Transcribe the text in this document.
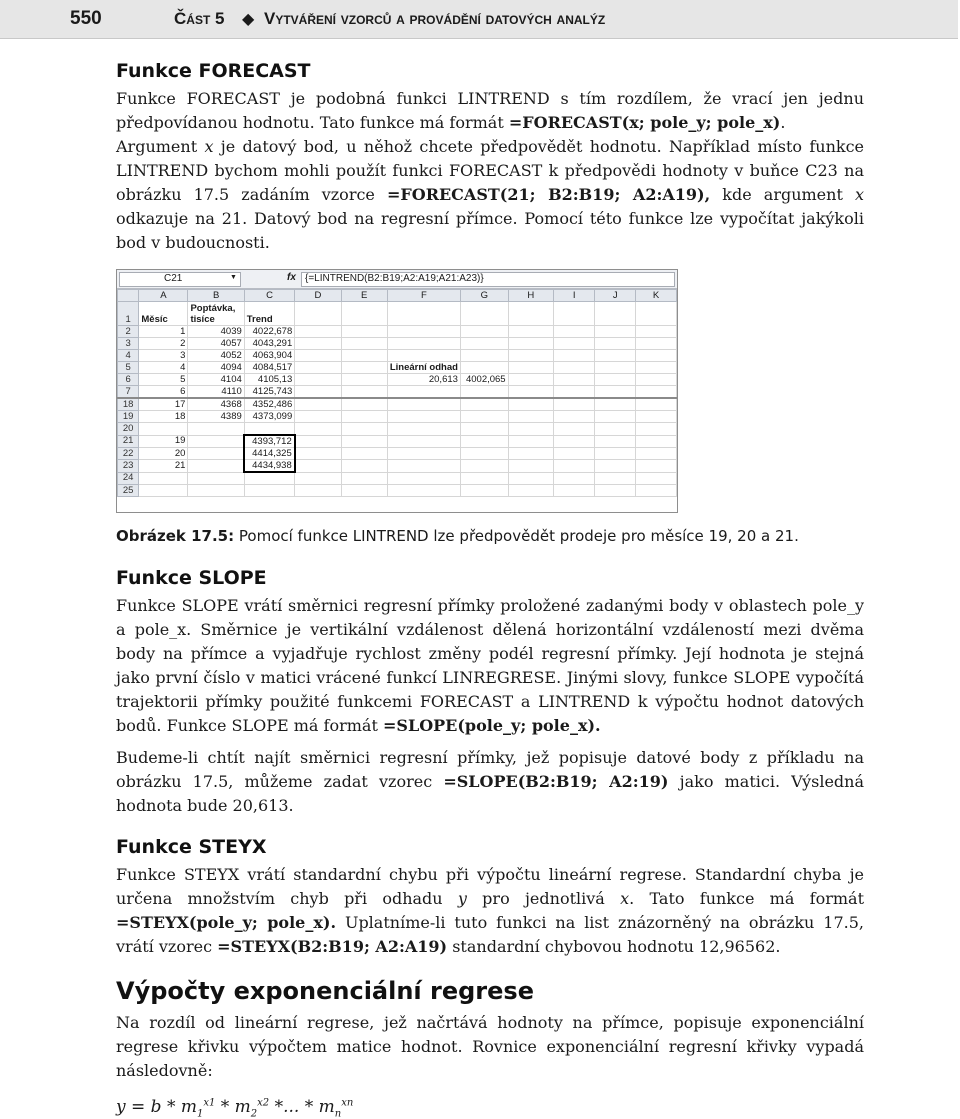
550	Část 5 ◆ Vytváření vzorců a provádění datových analýz
Funkce FORECAST

Funkce FORECAST je podobná funkci LINTREND s tím rozdílem, že vrací jen jednu předpovídanou hodnotu. Tato funkce má formát =FORECAST(x; pole_y; pole_x).

Argument x je datový bod, u něhož chcete předpovědět hodnotu. Například místo funkce LINTREND bychom mohli použít funkci FORECAST k předpovědi hodnoty v buňce C23 na obrázku 17.5 zadáním vzorce =FORECAST(21; B2:B19; A2:A19), kde argument x odkazuje na 21. Datový bod na regresní přímce. Pomocí této funkce lze vypočítat jakýkoli bod v budoucnosti.

C21	▼	fx {=LINTREND(B2:B19;A2:A19;A21:A23)}
	A	B	C	D	E	F	G	H	I	J	K
1	Měsíc	Poptávka, tisíce	Trend								
2	1	4039	4022,678								
3	2	4057	4043,291								
4	3	4052	4063,904								
5	4	4094	4084,517			Lineární odhad					
6	5	4104	4105,13			20,613	4002,065				
7	6	4110	4125,743								
18	17	4368	4352,486								
19	18	4389	4373,099								
20											
21	19		4393,712								
22	20		4414,325								
23	21		4434,938								
24											
25											
Obrázek 17.5: Pomocí funkce LINTREND lze předpovědět prodeje pro měsíce 19, 20 a 21.
Funkce SLOPE

Funkce SLOPE vrátí směrnici regresní přímky proložené zadanými body v oblastech pole_y a pole_x. Směrnice je vertikální vzdálenost dělená horizontální vzdáleností mezi dvěma body na přímce a vyjadřuje rychlost změny podél regresní přímky. Její hodnota je stejná jako první číslo v matici vrácené funkcí LINREGRESE. Jinými slovy, funkce SLOPE vypočítá trajektorii přímky použité funkcemi FORECAST a LINTREND k výpočtu hodnot datových bodů. Funkce SLOPE má formát =SLOPE(pole_y; pole_x).

Budeme-li chtít najít směrnici regresní přímky, jež popisuje datové body z příkladu na obrázku 17.5, můžeme zadat vzorec =SLOPE(B2:B19; A2:19) jako matici. Výsledná hodnota bude 20,613.

Funkce STEYX

Funkce STEYX vrátí standardní chybu při výpočtu lineární regrese. Standardní chyba je určena množstvím chyb při odhadu y pro jednotlivá x. Tato funkce má formát =STEYX(pole_y; pole_x). Uplatníme-li tuto funkci na list znázorněný na obrázku 17.5, vrátí vzorec =STEYX(B2:B19; A2:A19) standardní chybovou hodnotu 12,96562.

Výpočty exponenciální regrese

Na rozdíl od lineární regrese, jež načrtává hodnoty na přímce, popisuje exponenciální regrese křivku výpočtem matice hodnot. Rovnice exponenciální regresní křivky vypadá následovně:

$y = b * m_1^{x1} * m_2^{x2}$ *... * $m_n^{xn}$
